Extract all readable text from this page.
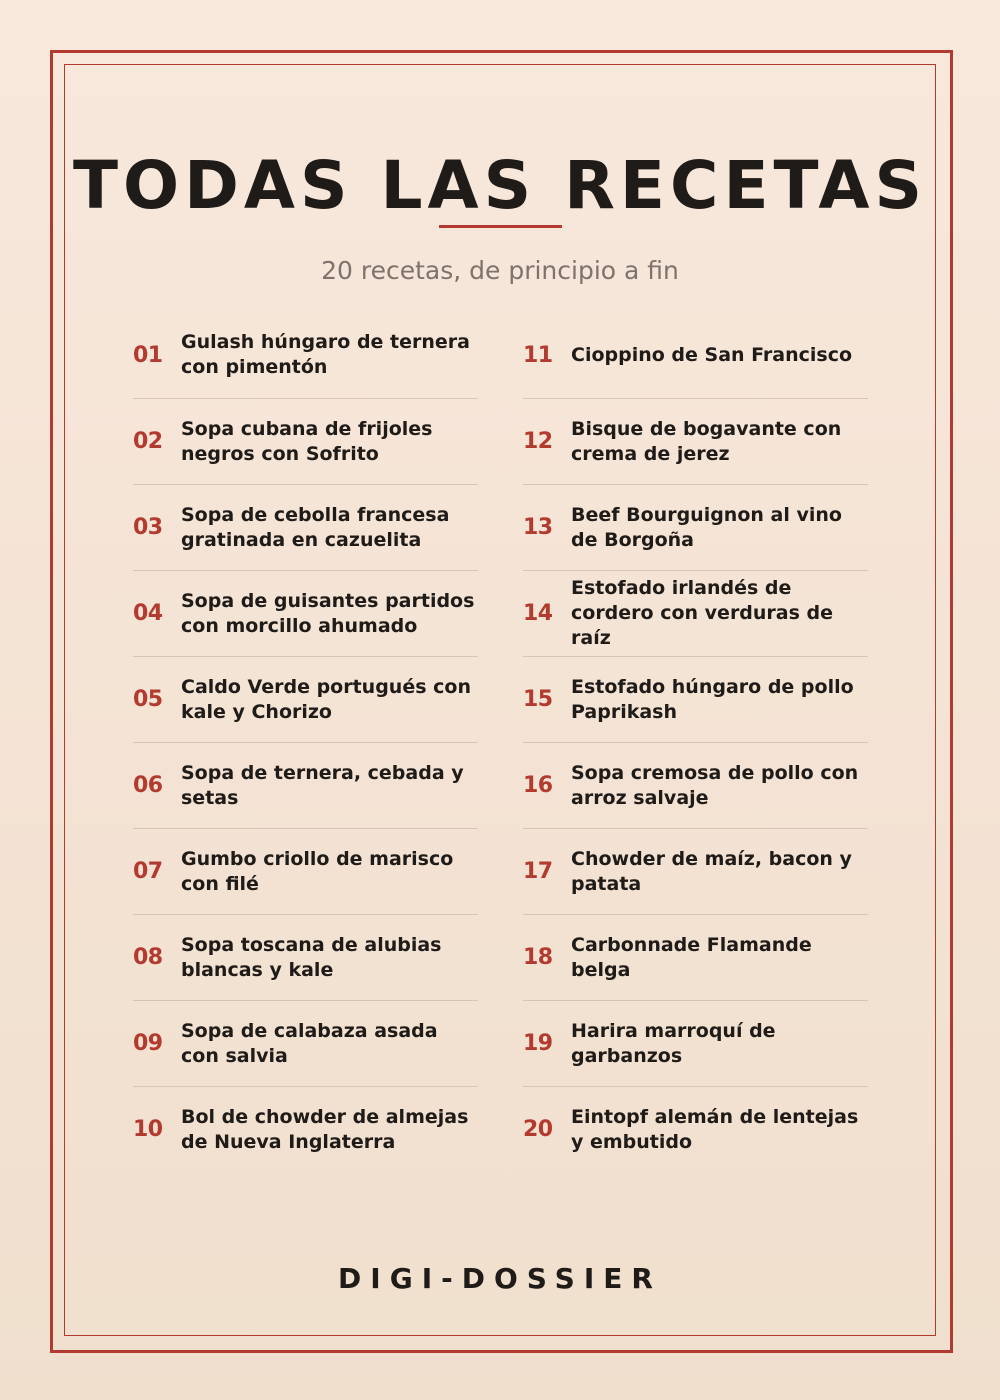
TODAS LAS RECETAS
20 recetas, de principio a fin
01
Gulash húngaro de ternera con pimentón
02
Sopa cubana de frijoles negros con Sofrito
03
Sopa de cebolla francesa gratinada en cazuelita
04
Sopa de guisantes partidos con morcillo ahumado
05
Caldo Verde portugués con kale y Chorizo
06
Sopa de ternera, cebada y setas
07
Gumbo criollo de marisco con filé
08
Sopa toscana de alubias blancas y kale
09
Sopa de calabaza asada con salvia
10
Bol de chowder de almejas de Nueva Inglaterra
11 Cioppino de San Francisco
12
Bisque de bogavante con crema de jerez
13
Beef Bourguignon al vino de Borgoña
14
Estofado irlandés de cordero con verduras de raíz
15
Estofado húngaro de pollo Paprikash
16
Sopa cremosa de pollo con arroz salvaje
17
Chowder de maíz, bacon y patata
18
Carbonnade Flamande belga
19
Harira marroquí de garbanzos
20
Eintopf alemán de lentejas y embutido
DIGI-DOSSIER
